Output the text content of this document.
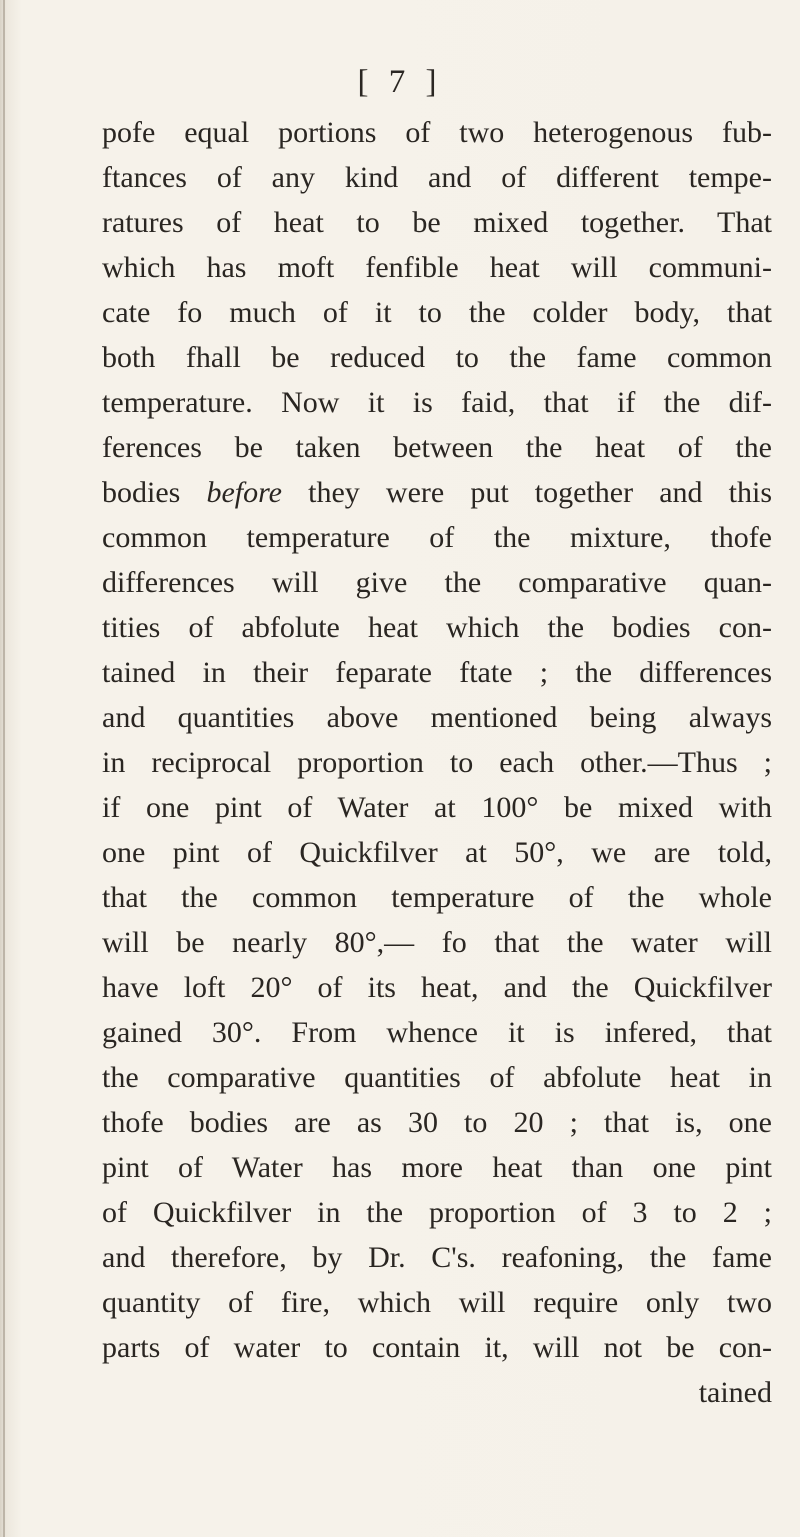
[ 7 ]
pofe equal portions of two heterogenous fub-
ftances of any kind and of different tempe-
ratures of heat to be mixed together. That
which has moft fenfible heat will communi-
cate fo much of it to the colder body, that
both fhall be reduced to the fame common
temperature. Now it is faid, that if the dif-
ferences be taken between the heat of the
bodies before they were put together and this
common temperature of the mixture, thofe
differences will give the comparative quan-
tities of abfolute heat which the bodies con-
tained in their feparate ftate ; the differences
and quantities above mentioned being always
in reciprocal proportion to each other.—Thus ;
if one pint of Water at 100° be mixed with
one pint of Quickfilver at 50°, we are told,
that the common temperature of the whole
will be nearly 80°,— fo that the water will
have loft 20° of its heat, and the Quickfilver
gained 30°. From whence it is infered, that
the comparative quantities of abfolute heat in
thofe bodies are as 30 to 20 ; that is, one
pint of Water has more heat than one pint
of Quickfilver in the proportion of 3 to 2 ;
and therefore, by Dr. C's. reafoning, the fame
quantity of fire, which will require only two
parts of water to contain it, will not be con-
tained
